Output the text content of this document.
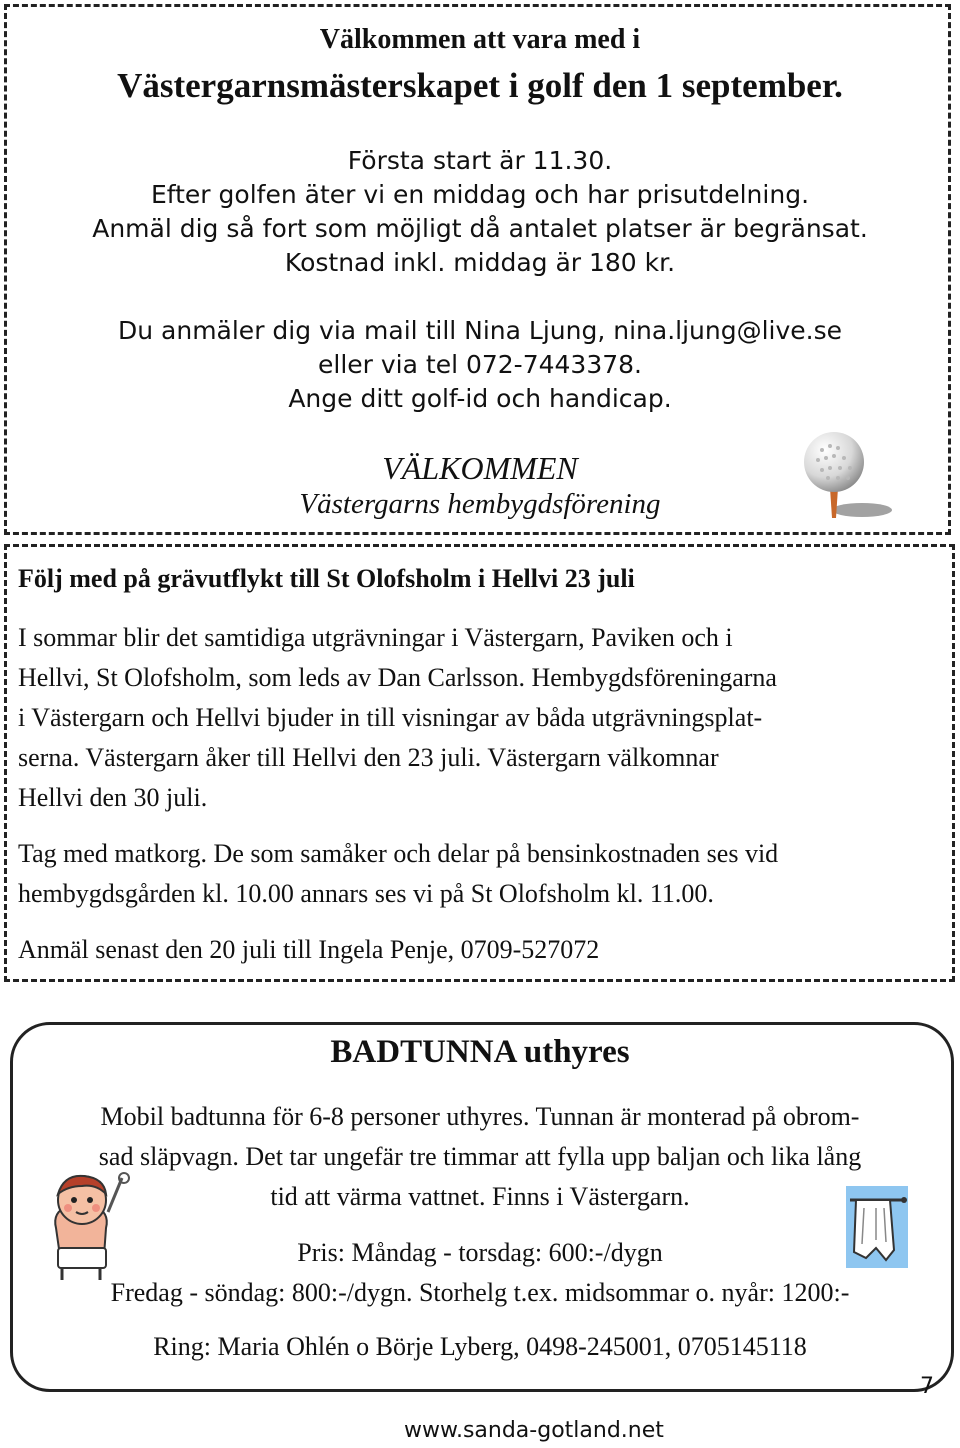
Välkommen att vara med i
Västergarnsmästerskapet i golf den 1 september.
Första start är 11.30.
Efter golfen äter vi en middag och har prisutdelning.
Anmäl dig så fort som möjligt då antalet platser är begränsat.
Kostnad inkl. middag är 180 kr.
Du anmäler dig via mail till Nina Ljung, nina.ljung@live.se
eller via tel 072-7443378.
Ange ditt golf-id och handicap.
VÄLKOMMEN
Västergarns hembygdsförening
Följ med på grävutflykt till St Olofsholm i Hellvi 23 juli
I sommar blir det samtidiga utgrävningar i Västergarn, Paviken och i
Hellvi, St Olofsholm, som leds av Dan Carlsson. Hembygdsföreningarna
i Västergarn och Hellvi bjuder in till visningar av båda utgrävningsplat-
serna. Västergarn åker till Hellvi den 23 juli. Västergarn välkomnar
Hellvi den 30 juli.
Tag med matkorg. De som samåker och delar på bensinkostnaden ses vid
hembygdsgården kl. 10.00 annars ses vi på St Olofsholm kl. 11.00.
Anmäl senast den 20 juli till Ingela Penje, 0709-527072
BADTUNNA uthyres
Mobil badtunna för 6-8 personer uthyres. Tunnan är monterad på obrom-
sad släpvagn. Det tar ungefär tre timmar att fylla upp baljan och lika lång
tid att värma vattnet. Finns i Västergarn.
Pris: Måndag - torsdag: 600:-/dygn
Fredag - söndag: 800:-/dygn. Storhelg t.ex. midsommar o. nyår: 1200:-
Ring: Maria Ohlén o Börje Lyberg, 0498-245001, 0705145118
www.sanda-gotland.net
7
